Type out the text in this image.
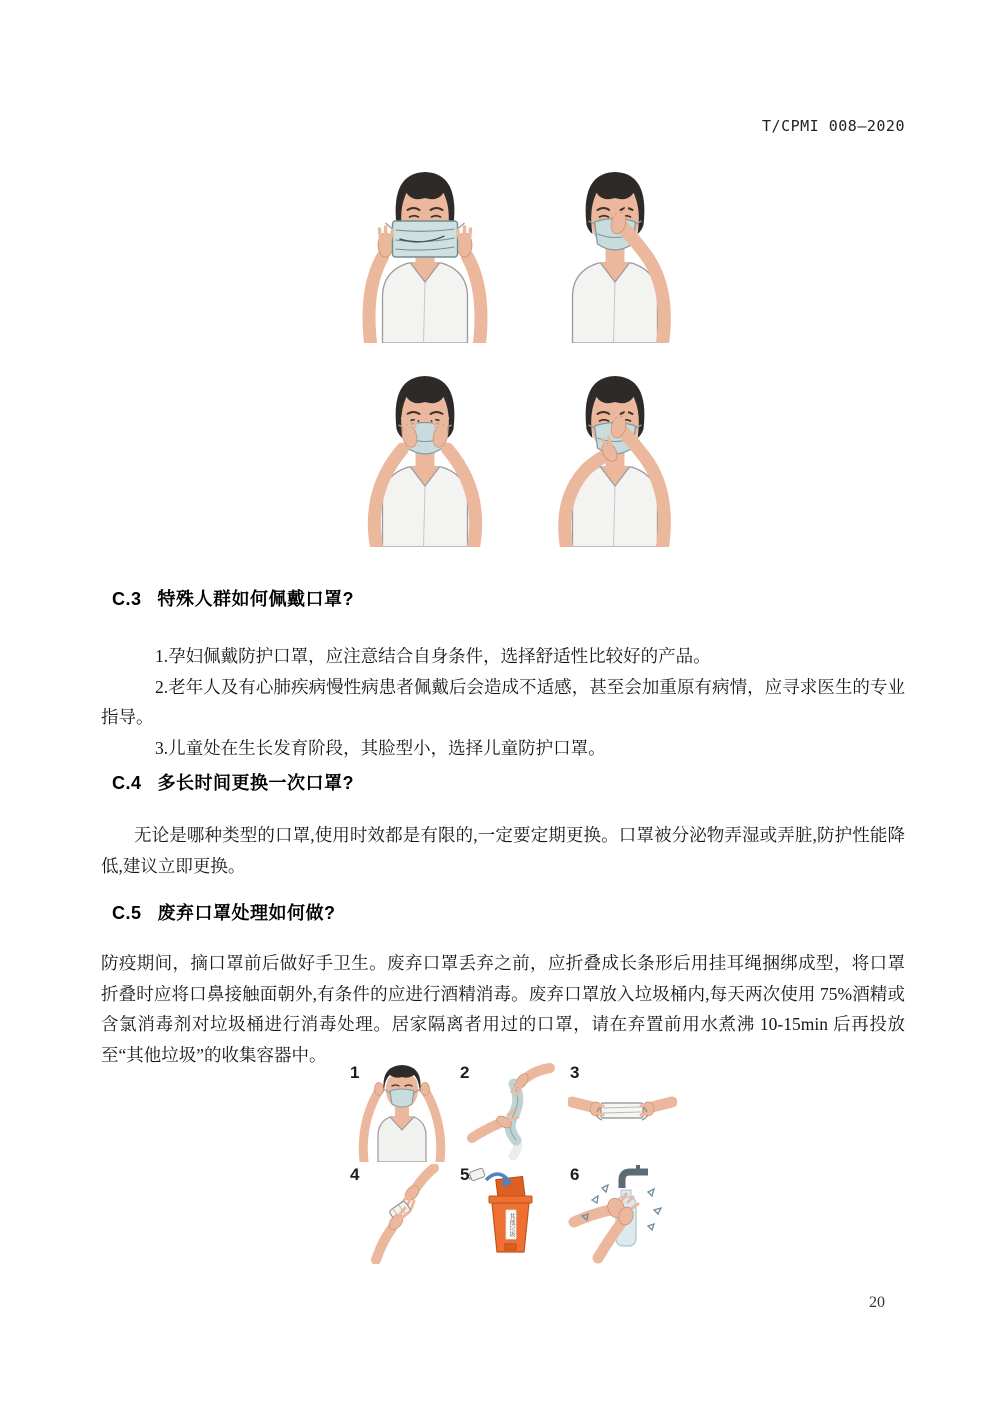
T/CPMI 008—2020
C.3 特殊人群如何佩戴口罩?

1.孕妇佩戴防护口罩，应注意结合自身条件，选择舒适性比较好的产品。

2.老年人及有心肺疾病慢性病患者佩戴后会造成不适感，甚至会加重原有病情，应寻求医生的专业指导。

3.儿童处在生长发育阶段，其脸型小，选择儿童防护口罩。

C.4 多长时间更换一次口罩?

无论是哪种类型的口罩,使用时效都是有限的,一定要定期更换。口罩被分泌物弄湿或弄脏,防护性能降低,建议立即更换。

C.5 废弃口罩处理如何做?

防疫期间，摘口罩前后做好手卫生。废弃口罩丢弃之前，应折叠成长条形后用挂耳绳捆绑成型，将口罩折叠时应将口鼻接触面朝外,有条件的应进行酒精消毒。废弃口罩放入垃圾桶内,每天两次使用 75%酒精或含氯消毒剂对垃圾桶进行消毒处理。居家隔离者用过的口罩，请在弃置前用水煮沸 10-15min 后再投放至“其他垃圾”的收集容器中。

1	2	3
4	5
其他垃圾
6
20
